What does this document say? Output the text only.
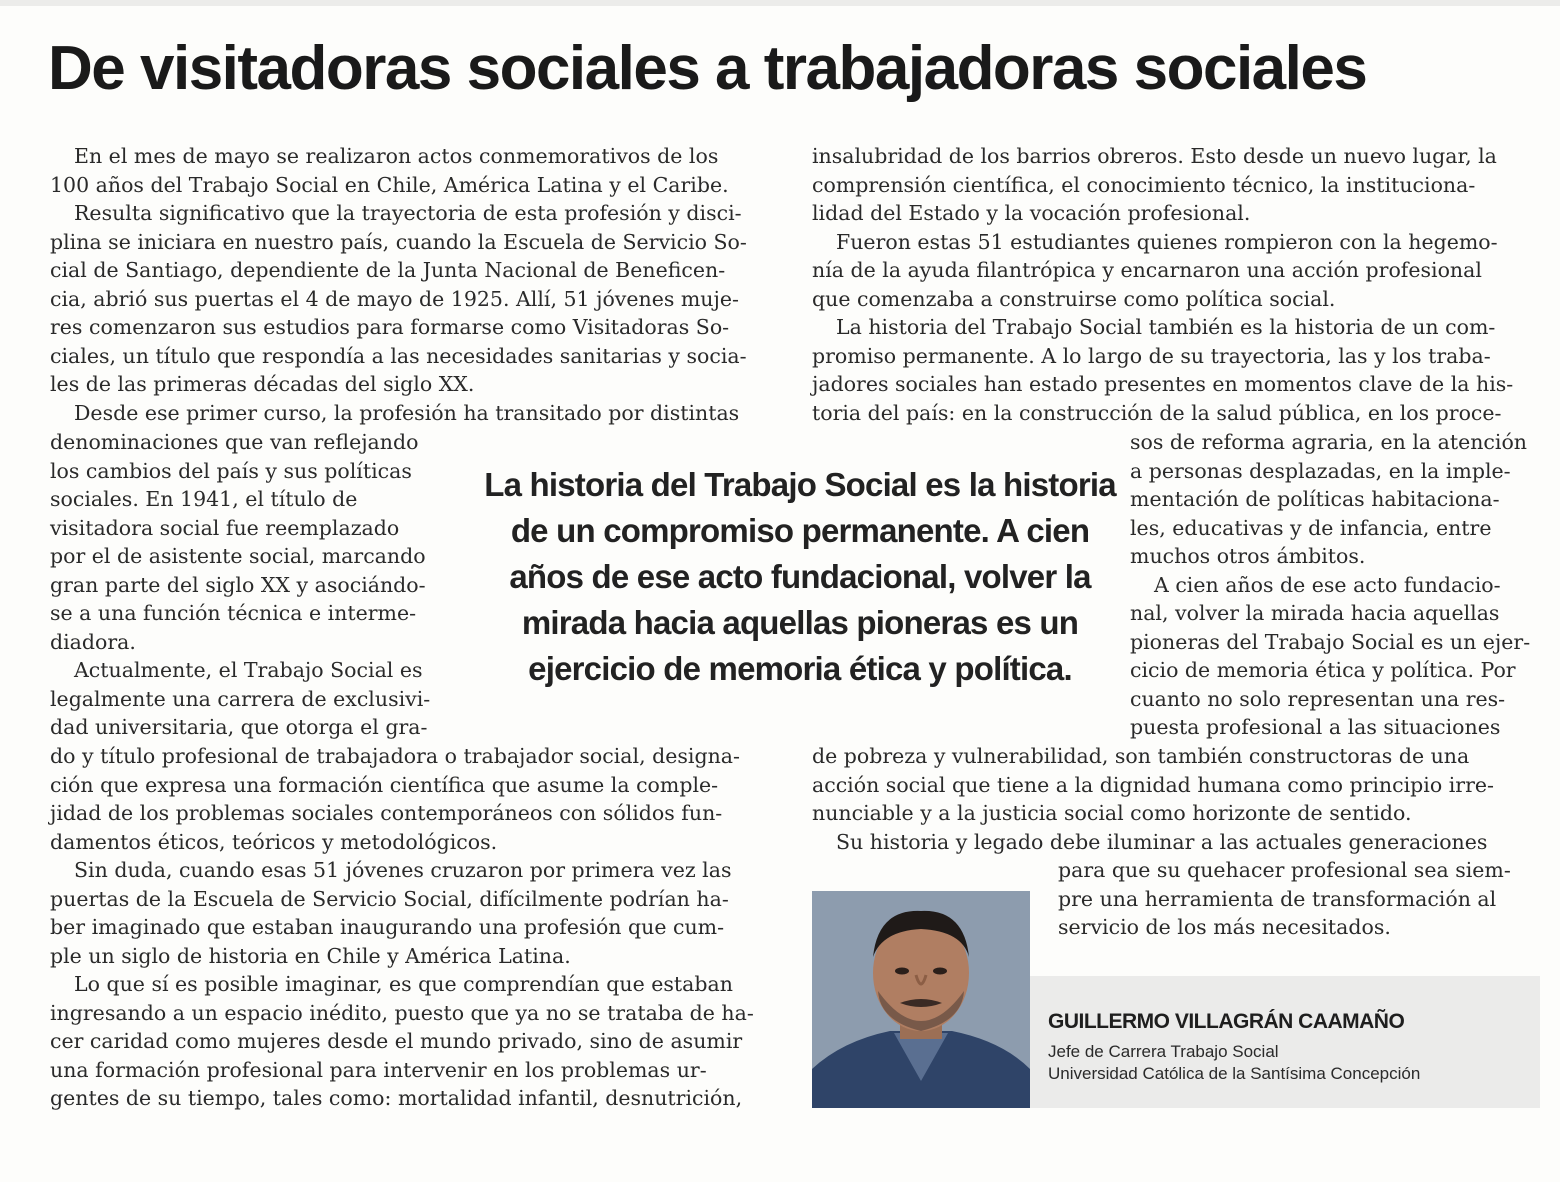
De visitadoras sociales a trabajadoras sociales
En el mes de mayo se realizaron actos conmemorativos de los
100 años del Trabajo Social en Chile, América Latina y el Caribe.
Resulta significativo que la trayectoria de esta profesión y disci-
plina se iniciara en nuestro país, cuando la Escuela de Servicio So-
cial de Santiago, dependiente de la Junta Nacional de Beneficen-
cia, abrió sus puertas el 4 de mayo de 1925. Allí, 51 jóvenes muje-
res comenzaron sus estudios para formarse como Visitadoras So-
ciales, un título que respondía a las necesidades sanitarias y socia-
les de las primeras décadas del siglo XX.
Desde ese primer curso, la profesión ha transitado por distintas
denominaciones que van reflejando
los cambios del país y sus políticas
sociales. En 1941, el título de
visitadora social fue reemplazado
por el de asistente social, marcando
gran parte del siglo XX y asociándo-
se a una función técnica e interme-
diadora.
Actualmente, el Trabajo Social es
legalmente una carrera de exclusivi-
dad universitaria, que otorga el gra-
do y título profesional de trabajadora o trabajador social, designa-
ción que expresa una formación científica que asume la comple-
jidad de los problemas sociales contemporáneos con sólidos fun-
damentos éticos, teóricos y metodológicos.
Sin duda, cuando esas 51 jóvenes cruzaron por primera vez las
puertas de la Escuela de Servicio Social, difícilmente podrían ha-
ber imaginado que estaban inaugurando una profesión que cum-
ple un siglo de historia en Chile y América Latina.
Lo que sí es posible imaginar, es que comprendían que estaban
ingresando a un espacio inédito, puesto que ya no se trataba de ha-
cer caridad como mujeres desde el mundo privado, sino de asumir
una formación profesional para intervenir en los problemas ur-
gentes de su tiempo, tales como: mortalidad infantil, desnutrición,
insalubridad de los barrios obreros. Esto desde un nuevo lugar, la
comprensión científica, el conocimiento técnico, la instituciona-
lidad del Estado y la vocación profesional.
Fueron estas 51 estudiantes quienes rompieron con la hegemo-
nía de la ayuda filantrópica y encarnaron una acción profesional
que comenzaba a construirse como política social.
La historia del Trabajo Social también es la historia de un com-
promiso permanente. A lo largo de su trayectoria, las y los traba-
jadores sociales han estado presentes en momentos clave de la his-
toria del país: en la construcción de la salud pública, en los proce-
sos de reforma agraria, en la atención
a personas desplazadas, en la imple-
mentación de políticas habitaciona-
les, educativas y de infancia, entre
muchos otros ámbitos.
A cien años de ese acto fundacio-
nal, volver la mirada hacia aquellas
pioneras del Trabajo Social es un ejer-
cicio de memoria ética y política. Por
cuanto no solo representan una res-
puesta profesional a las situaciones
de pobreza y vulnerabilidad, son también constructoras de una
acción social que tiene a la dignidad humana como principio irre-
nunciable y a la justicia social como horizonte de sentido.
Su historia y legado debe iluminar a las actuales generaciones
para que su quehacer profesional sea siem-
pre una herramienta de transformación al
servicio de los más necesitados.
La historia del Trabajo Social es la historia
de un compromiso permanente. A cien
años de ese acto fundacional, volver la
mirada hacia aquellas pioneras es un
ejercicio de memoria ética y política.
GUILLERMO VILLAGRÁN CAAMAÑO
Jefe de Carrera Trabajo Social
Universidad Católica de la Santísima Concepción
